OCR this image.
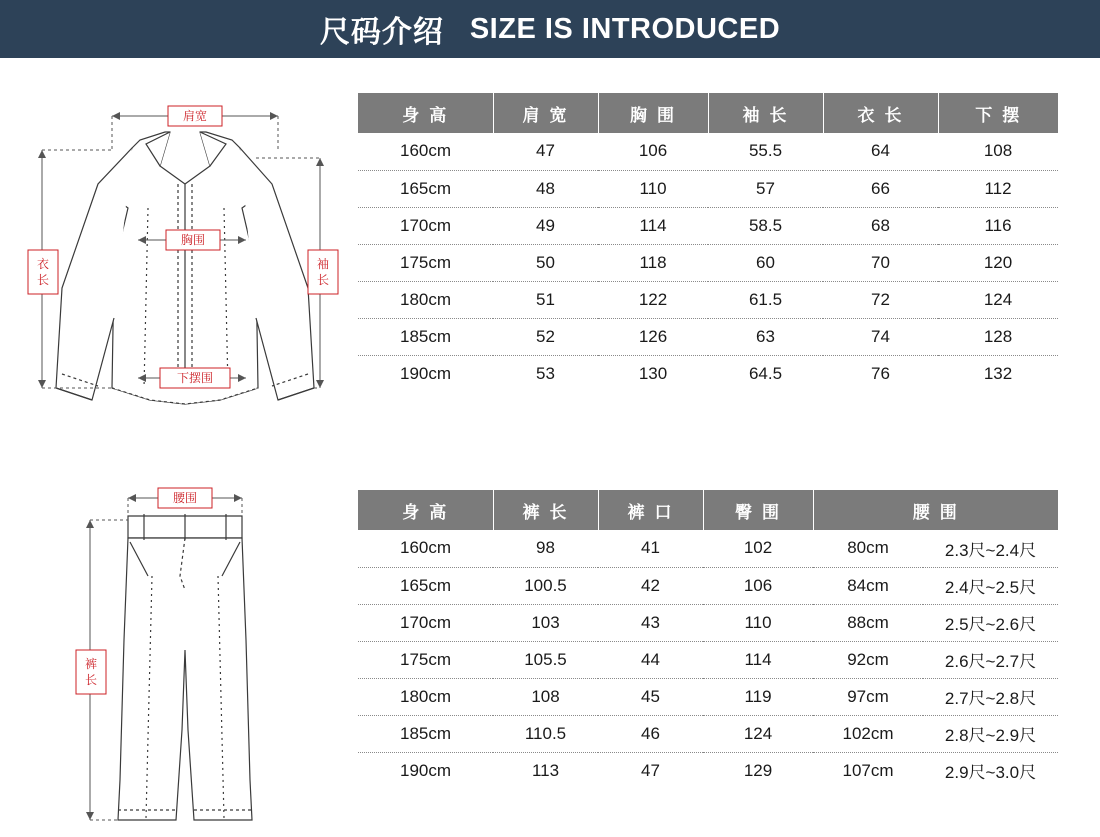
尺码介绍 SIZE IS INTRODUCED
肩宽
胸围
下摆围
衣
长
袖
长
身 高	肩 宽	胸 围	袖 长	衣 长	下 摆
160cm	47	106	55.5	64	108
165cm	48	110	57	66	112
170cm	49	114	58.5	68	116
175cm	50	118	60	70	120
180cm	51	122	61.5	72	124
185cm	52	126	63	74	128
190cm	53	130	64.5	76	132
腰围
裤
长
身 高	裤 长	裤 口	臀 围	腰 围	
160cm	98	41	102	80cm	2.3尺~2.4尺
165cm	100.5	42	106	84cm	2.4尺~2.5尺
170cm	103	43	110	88cm	2.5尺~2.6尺
175cm	105.5	44	114	92cm	2.6尺~2.7尺
180cm	108	45	119	97cm	2.7尺~2.8尺
185cm	110.5	46	124	102cm	2.8尺~2.9尺
190cm	113	47	129	107cm	2.9尺~3.0尺
